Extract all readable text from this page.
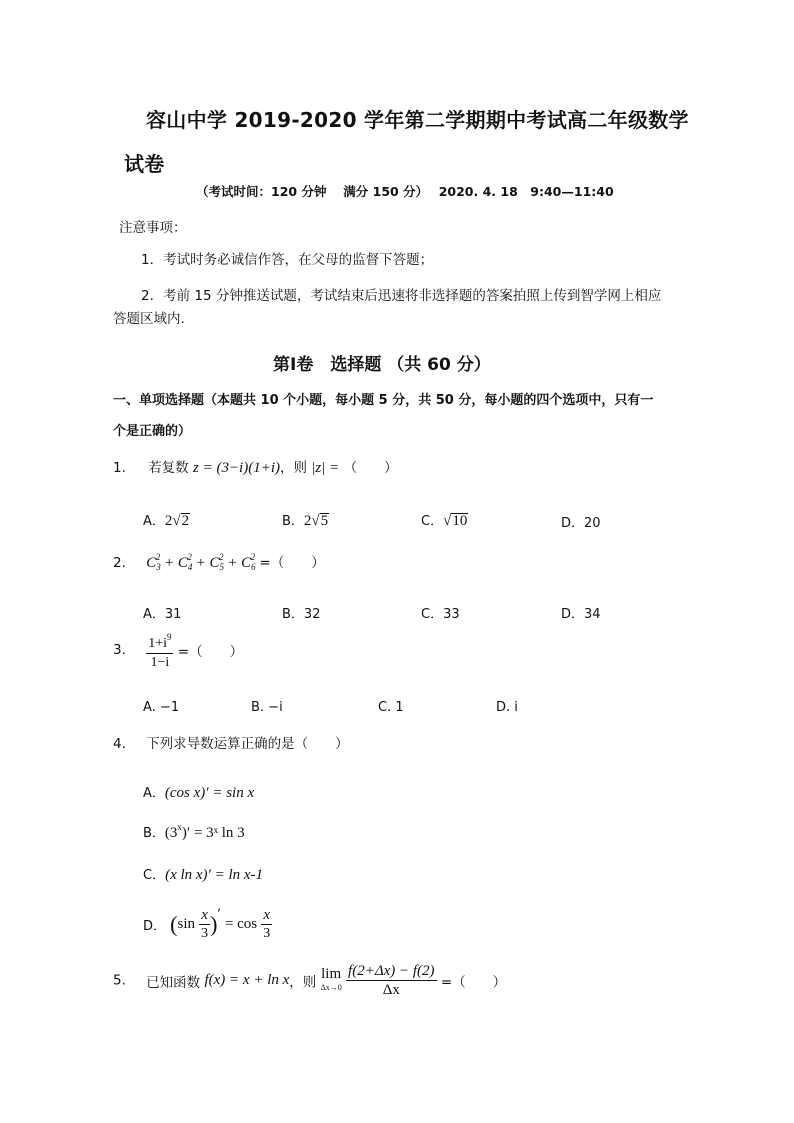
容山中学 2019-2020 学年第二学期期中考试高二年级数学
试卷
（考试时间：120 分钟　 满分 150 分）　 2020. 4. 18　9:40—11:40
注意事项：
1．考试时务必诚信作答，在父母的监督下答题；
2．考前 15 分钟推送试题，考试结束后迅速将非选择题的答案拍照上传到智学网上相应
答题区域内.
第Ⅰ卷　选择题 （共 60 分）
一、单项选择题（本题共 10 个小题，每小题 5 分，共 50 分，每小题的四个选项中，只有一
个是正确的）
1. 若复数 z = (3−i)(1+i)，则 |z| = （　　）
A．2√2	B．2√5	C．√10	D．20
2. $C_3^2 + C_4^2 + C_5^2 + C_6^2$ =（　　）
A．31	B．32	C．33	D．34
3. $\frac{1+i^9}{1-i}$ =（　　）
A. −1	B. −i	C. 1	D. i
4. 下列求导数运算正确的是（　　）
A．(cos x)′ = sin x
B．$(3^x)'$ = 3ˣ ln 3
C．(x ln x)′ = ln x-1
D． ($\sin \frac{x}{3}$ )′ = $\cos \frac{x}{3}$
5. 已知函数 f(x) = x + ln x，则
lim
Δx→0
$\frac{f(2+\Delta x) - f(2)}{\Delta x}$ =（　　）
